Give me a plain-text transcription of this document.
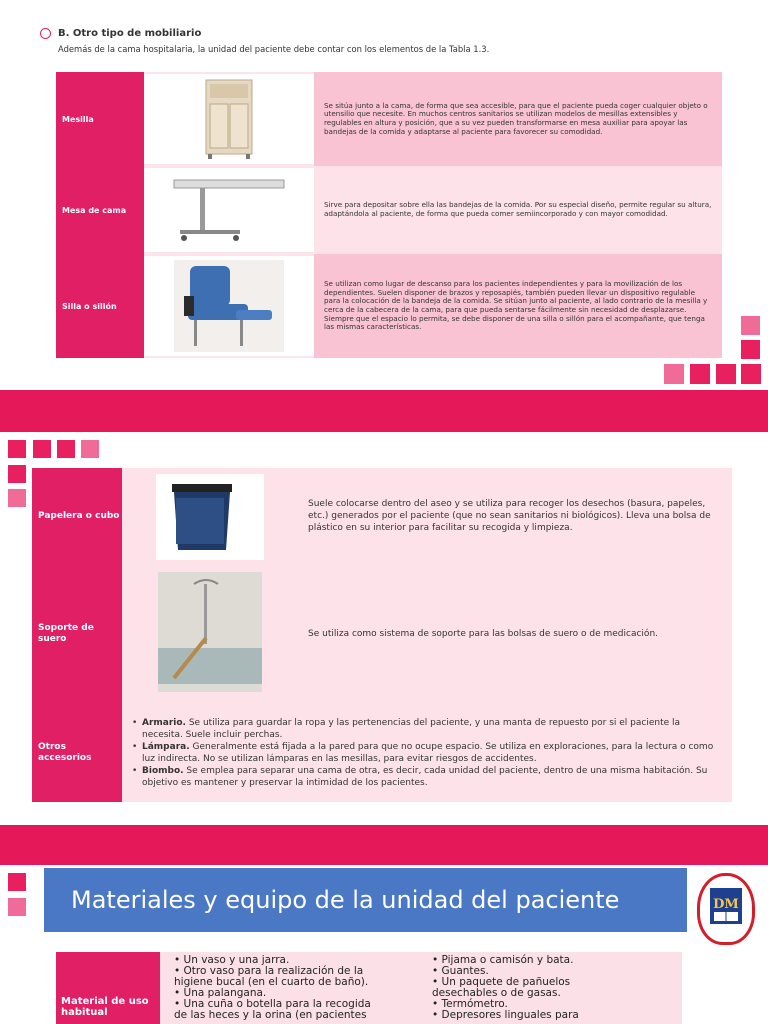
B. Otro tipo de mobiliario
Además de la cama hospitalaria, la unidad del paciente debe contar con los elementos de la Tabla 1.3.
Mesilla
Se sitúa junto a la cama, de forma que sea accesible, para que el paciente pueda coger cualquier objeto o utensilio que necesite. En muchos centros sanitarios se utilizan modelos de mesillas extensibles y regulables en altura y posición, que a su vez pueden transformarse en mesa auxiliar para apoyar las bandejas de la comida y adaptarse al paciente para favorecer su comodidad.
Mesa de cama
Sirve para depositar sobre ella las bandejas de la comida. Por su especial diseño, permite regular su altura, adaptándola al paciente, de forma que pueda comer semiincorporado y con mayor comodidad.
Silla o sillón
Se utilizan como lugar de descanso para los pacientes independientes y para la movilización de los dependientes. Suelen disponer de brazos y reposapiés, también pueden llevar un dispositivo regulable para la colocación de la bandeja de la comida. Se sitúan junto al paciente, al lado contrario de la mesilla y cerca de la cabecera de la cama, para que pueda sentarse fácilmente sin necesidad de desplazarse. Siempre que el espacio lo permita, se debe disponer de una silla o sillón para el acompañante, que tenga las mismas características.
Papelera o cubo
Suele colocarse dentro del aseo y se utiliza para recoger los desechos (basura, papeles, etc.) generados por el paciente (que no sean sanitarios ni biológicos). Lleva una bolsa de plástico en su interior para facilitar su recogida y limpieza.
Soporte de suero	Se utiliza como sistema de soporte para las bolsas de suero o de medicación.
Otros accesorios
• Armario. Se utiliza para guardar la ropa y las pertenencias del paciente, y una manta de repuesto por si el paciente la necesita. Suele incluir perchas.
• Lámpara. Generalmente está fijada a la pared para que no ocupe espacio. Se utiliza en exploraciones, para la lectura o como luz indirecta. No se utilizan lámparas en las mesillas, para evitar riesgos de accidentes.
• Biombo. Se emplea para separar una cama de otra, es decir, cada unidad del paciente, dentro de una misma habitación. Su objetivo es mantener y preservar la intimidad de los pacientes.
Materiales y equipo de la unidad del paciente	DM
Material de uso habitual
• Un vaso y una jarra.
• Otro vaso para la realización de la
higiene bucal (en el cuarto de baño).
• Una palangana.
• Una cuña o botella para la recogida
de las heces y la orina (en pacientes
• Pijama o camisón y bata.
• Guantes.
• Un paquete de pañuelos
desechables o de gasas.
• Termómetro.
• Depresores linguales para
